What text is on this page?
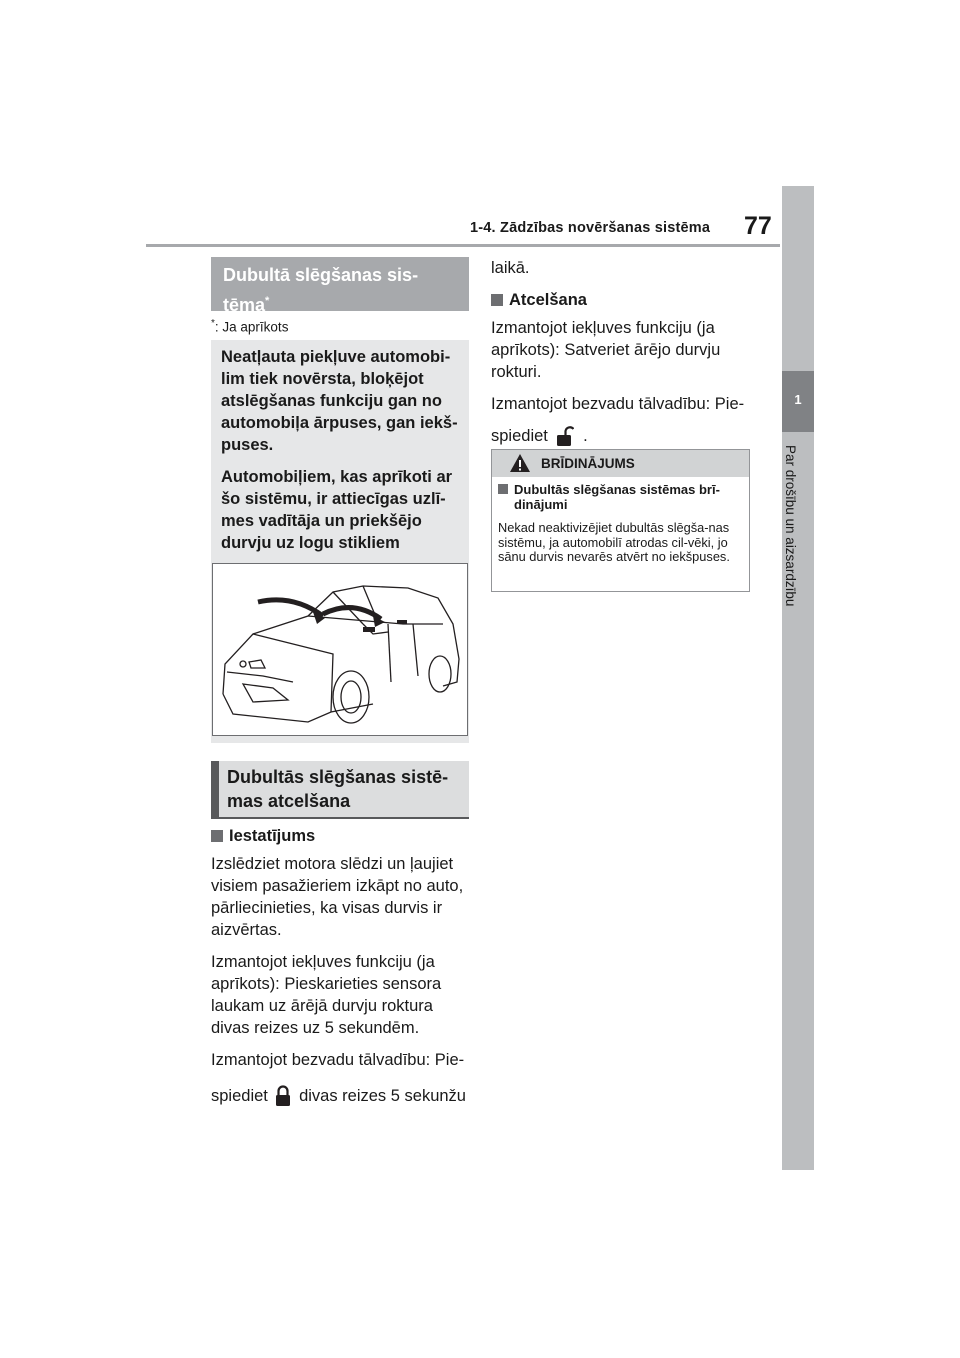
1-4. Zādzības novēršanas sistēma 77
1
Par drošību un aizsardzību
Dubultā slēgšanas sis-
tēma*
*: Ja aprīkots

Neatļauta piekļuve automobi-lim tiek novērsta, bloķējot atslēgšanas funkciju gan no automobiļa ārpuses, gan iekš-puses.

Automobiļiem, kas aprīkoti ar šo sistēmu, ir attiecīgas uzlī-mes vadītāja un priekšējo durvju uz logu stikliem

Dubultās slēgšanas sistē-mas atcelšana
Iestatījums

Izslēdziet motora slēdzi un ļaujiet visiem pasažieriem izkāpt no auto, pārliecinieties, ka visas durvis ir aizvērtas.

Izmantojot iekļuves funkciju (ja aprīkots): Pieskarieties sensora laukam uz ārējā durvju roktura divas reizes uz 5 sekundēm.

Izmantojot bezvadu tālvadību: Pie-

spiediet divas reizes 5 sekunžu

laikā.

Atcelšana

Izmantojot iekļuves funkciju (ja aprīkots): Satveriet ārējo durvju rokturi.

Izmantojot bezvadu tālvadību: Pie-

spiediet .

BRĪDINĀJUMS
Dubultās slēgšanas sistēmas brī-dinājumi
Nekad neaktivizējiet dubultās slēgša-nas sistēmu, ja automobilī atrodas cil-vēki, jo sānu durvis nevarēs atvērt no iekšpuses.
